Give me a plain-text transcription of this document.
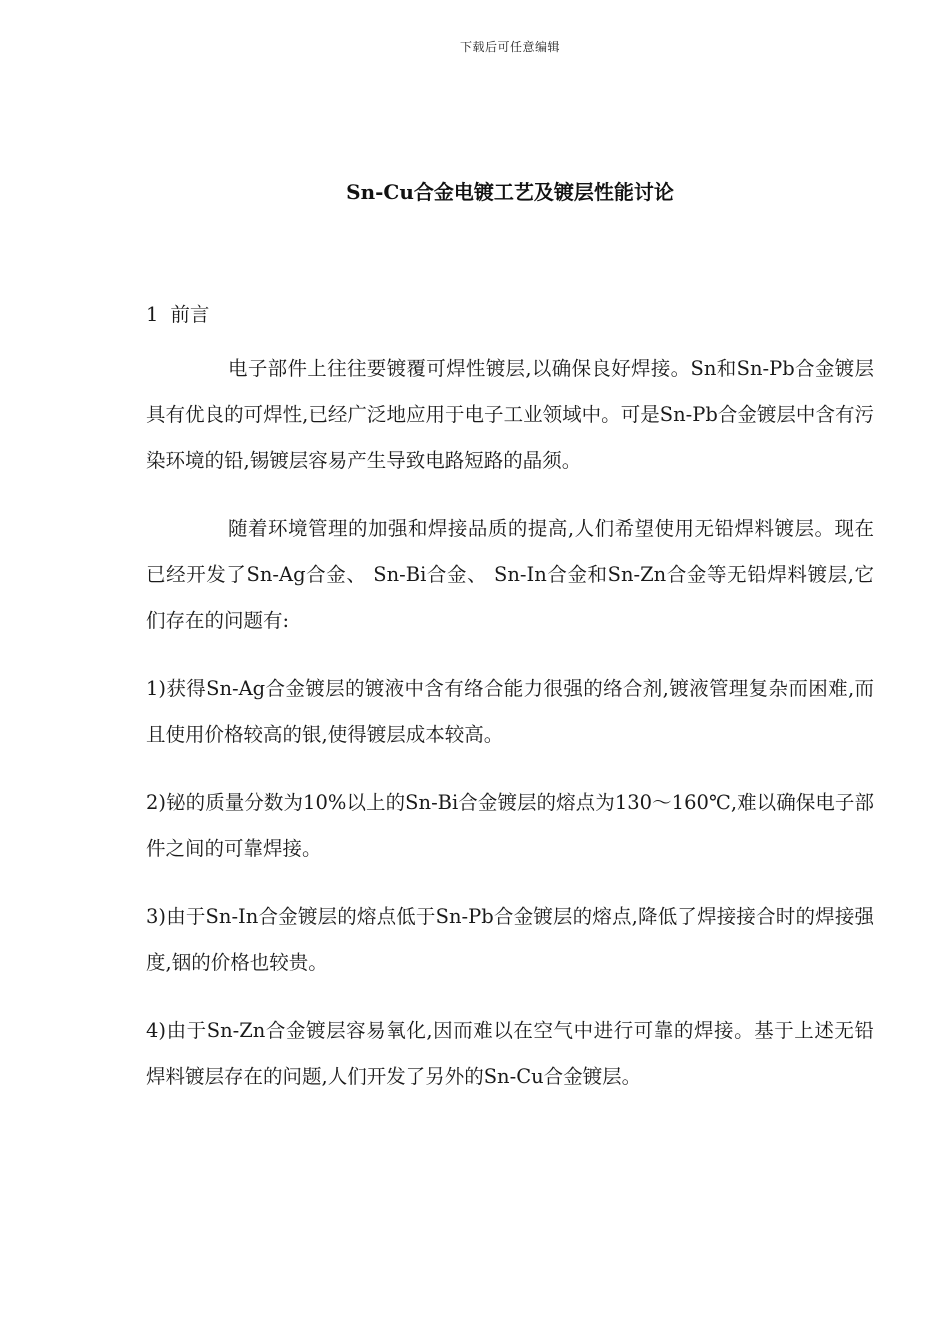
下载后可任意编辑
Sn-Cu合金电镀工艺及镀层性能讨论
1 前言

电子部件上往往要镀覆可焊性镀层,以确保良好焊接。Sn和Sn-Pb合金镀层具有优良的可焊性,已经广泛地应用于电子工业领域中。可是Sn-Pb合金镀层中含有污染环境的铅,锡镀层容易产生导致电路短路的晶须。

随着环境管理的加强和焊接品质的提高,人们希望使用无铅焊料镀层。现在已经开发了Sn-Ag合金、 Sn-Bi合金、 Sn-In合金和Sn-Zn合金等无铅焊料镀层,它们存在的问题有:

1)获得Sn-Ag合金镀层的镀液中含有络合能力很强的络合剂,镀液管理复杂而困难,而且使用价格较高的银,使得镀层成本较高。

2)铋的质量分数为10%以上的Sn-Bi合金镀层的熔点为130～160℃,难以确保电子部件之间的可靠焊接。

3)由于Sn-In合金镀层的熔点低于Sn-Pb合金镀层的熔点,降低了焊接接合时的焊接强度,铟的价格也较贵。

4)由于Sn-Zn合金镀层容易氧化,因而难以在空气中进行可靠的焊接。基于上述无铅焊料镀层存在的问题,人们开发了另外的Sn-Cu合金镀层。
